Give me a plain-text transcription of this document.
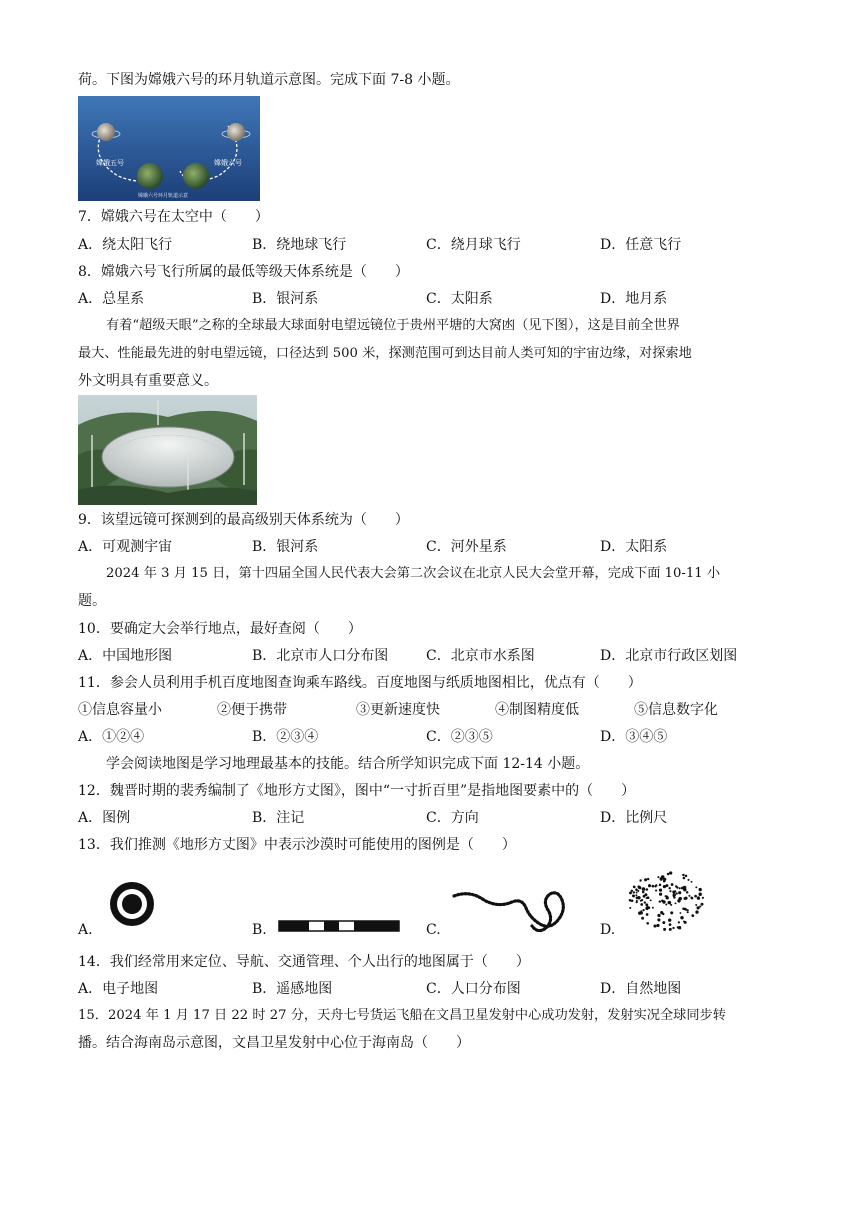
荷。下图为嫦娥六号的环月轨道示意图。完成下面 7-8 小题。
嫦娥五号	嫦娥六号
嫦娥六号环月轨道示意
7．嫦娥六号在太空中（　　）
A．绕太阳飞行	B．绕地球飞行	C．绕月球飞行	D．任意飞行
8．嫦娥六号飞行所属的最低等级天体系统是（　　）
A．总星系	B．银河系	C．太阳系	D．地月系
有着“超级天眼”之称的全球最大球面射电望远镜位于贵州平塘的大窝凼（见下图），这是目前全世界
最大、性能最先进的射电望远镜，口径达到 500 米，探测范围可到达目前人类可知的宇宙边缘，对探索地
外文明具有重要意义。
9．该望远镜可探测到的最高级别天体系统为（　　）
A．可观测宇宙	B．银河系	C．河外星系	D．太阳系
2024 年 3 月 15 日，第十四届全国人民代表大会第二次会议在北京人民大会堂开幕，完成下面 10-11 小
题。
10．要确定大会举行地点，最好查阅（　　）
A．中国地形图	B．北京市人口分布图	C．北京市水系图	D．北京市行政区划图
11．参会人员利用手机百度地图查询乘车路线。百度地图与纸质地图相比，优点有（　　）
①信息容量小	②便于携带	③更新速度快	④制图精度低	⑤信息数字化
A．①②④	B．②③④	C．②③⑤	D．③④⑤
学会阅读地图是学习地理最基本的技能。结合所学知识完成下面 12-14 小题。
12．魏晋时期的裴秀编制了《地形方丈图》，图中“一寸折百里”是指地图要素中的（　　）
A．图例	B．注记	C．方向	D．比例尺
13．我们推测《地形方丈图》中表示沙漠时可能使用的图例是（　　）
A.	B.	C.	D.
14．我们经常用来定位、导航、交通管理、个人出行的地图属于（　　）
A．电子地图	B．遥感地图	C．人口分布图	D．自然地图
15．2024 年 1 月 17 日 22 时 27 分，天舟七号货运飞船在文昌卫星发射中心成功发射，发射实况全球同步转
播。结合海南岛示意图，文昌卫星发射中心位于海南岛（　　）
